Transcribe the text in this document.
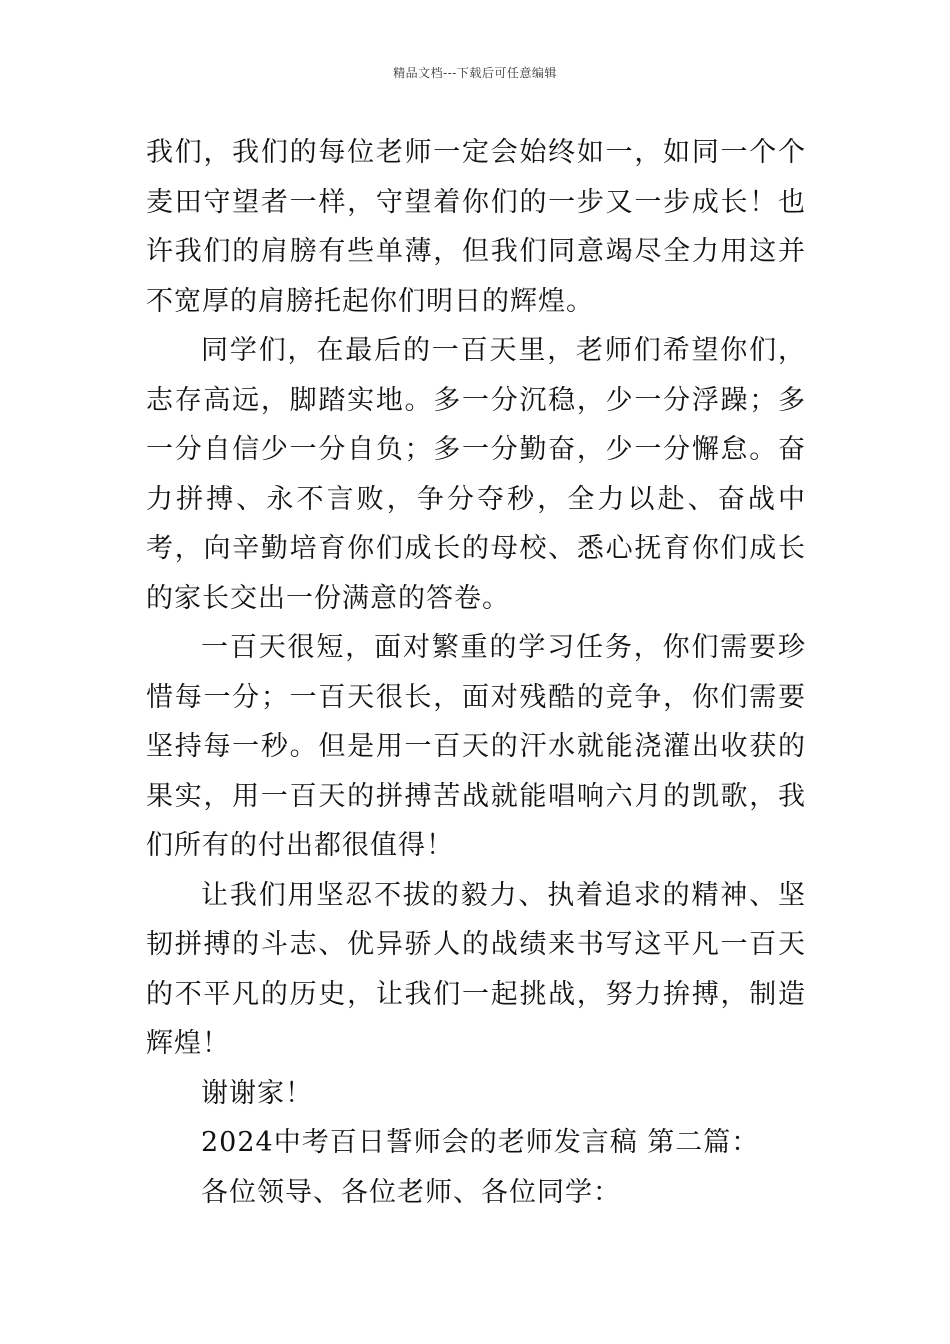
精品文档---下载后可任意编辑

我们，我们的每位老师一定会始终如一，如同一个个麦田守望者一样，守望着你们的一步又一步成长！也许我们的肩膀有些单薄，但我们同意竭尽全力用这并不宽厚的肩膀托起你们明日的辉煌。

同学们，在最后的一百天里，老师们希望你们，志存高远，脚踏实地。多一分沉稳，少一分浮躁；多一分自信少一分自负；多一分勤奋，少一分懈怠。奋力拼搏、永不言败，争分夺秒，全力以赴、奋战中考，向辛勤培育你们成长的母校、悉心抚育你们成长的家长交出一份满意的答卷。

一百天很短，面对繁重的学习任务，你们需要珍惜每一分；一百天很长，面对残酷的竞争，你们需要坚持每一秒。但是用一百天的汗水就能浇灌出收获的果实，用一百天的拼搏苦战就能唱响六月的凯歌，我们所有的付出都很值得！

让我们用坚忍不拔的毅力、执着追求的精神、坚韧拼搏的斗志、优异骄人的战绩来书写这平凡一百天的不平凡的历史，让我们一起挑战，努力拚搏，制造辉煌！

谢谢家！

2024中考百日誓师会的老师发言稿 第二篇：

各位领导、各位老师、各位同学：
